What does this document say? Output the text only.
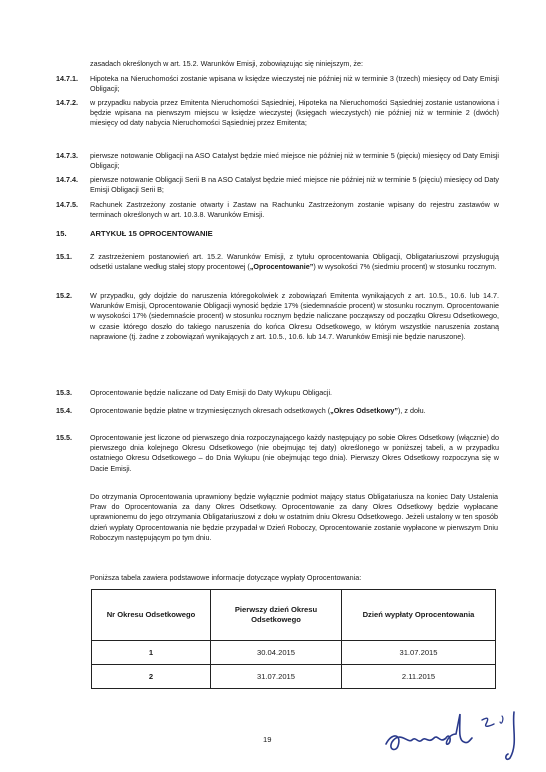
zasadach określonych w art. 15.2. Warunków Emisji, zobowiązując się niniejszym, że:
14.7.1.	Hipoteka na Nieruchomości zostanie wpisana w księdze wieczystej nie później niż w terminie 3 (trzech) miesięcy od Daty Emisji Obligacji;
14.7.2.	w przypadku nabycia przez Emitenta Nieruchomości Sąsiedniej, Hipoteka na Nieruchomości Sąsiedniej zostanie ustanowiona i będzie wpisana na pierwszym miejscu w księdze wieczystej (księgach wieczystych) nie później niż w terminie 2 (dwóch) miesięcy od daty nabycia Nieruchomości Sąsiedniej przez Emitenta;
14.7.3.	pierwsze notowanie Obligacji na ASO Catalyst będzie mieć miejsce nie później niż w terminie 5 (pięciu) miesięcy od Daty Emisji Obligacji;
14.7.4.	pierwsze notowanie Obligacji Serii B na ASO Catalyst będzie mieć miejsce nie później niż w terminie 5 (pięciu) miesięcy od Daty Emisji Obligacji Serii B;
14.7.5.	Rachunek Zastrzeżony zostanie otwarty i Zastaw na Rachunku Zastrzeżonym zostanie wpisany do rejestru zastawów w terminach określonych w art. 10.3.8. Warunków Emisji.
15.	ARTYKUŁ 15 OPROCENTOWANIE
15.1.	Z zastrzeżeniem postanowień art. 15.2. Warunków Emisji, z tytułu oprocentowania Obligacji, Obligatariuszowi przysługują odsetki ustalane według stałej stopy procentowej („Oprocentowanie”) w wysokości 7% (siedmiu procent) w stosunku rocznym.
15.2.	W przypadku, gdy dojdzie do naruszenia któregokolwiek z zobowiązań Emitenta wynikających z art. 10.5., 10.6. lub 14.7. Warunków Emisji, Oprocentowanie Obligacji wynosić będzie 17% (siedemnaście procent) w stosunku rocznym. Oprocentowanie w wysokości 17% (siedemnaście procent) w stosunku rocznym będzie naliczane począwszy od początku Okresu Odsetkowego, w czasie którego doszło do takiego naruszenia do końca Okresu Odsetkowego, w którym wszystkie naruszenia zostaną naprawione (tj. żadne z zobowiązań wynikających z art. 10.5., 10.6. lub 14.7. Warunków Emisji nie będzie naruszone).
15.3.	Oprocentowanie będzie naliczane od Daty Emisji do Daty Wykupu Obligacji.
15.4.	Oprocentowanie będzie płatne w trzymiesięcznych okresach odsetkowych („Okres Odsetkowy”), z dołu.
15.5.	Oprocentowanie jest liczone od pierwszego dnia rozpoczynającego każdy następujący po sobie Okres Odsetkowy (włącznie) do pierwszego dnia kolejnego Okresu Odsetkowego (nie obejmując tej daty) określonego w poniższej tabeli, a w przypadku ostatniego Okresu Odsetkowego – do Dnia Wykupu (nie obejmując tego dnia). Pierwszy Okres Odsetkowy rozpoczyna się w Dacie Emisji.
Do otrzymania Oprocentowania uprawniony będzie wyłącznie podmiot mający status Obligatariusza na koniec Daty Ustalenia Praw do Oprocentowania za dany Okres Odsetkowy. Oprocentowanie za dany Okres Odsetkowy będzie wypłacane uprawnionemu do jego otrzymania Obligatariuszowi z dołu w ostatnim dniu Okresu Odsetkowego. Jeżeli ustalony w ten sposób dzień wypłaty Oprocentowania nie będzie przypadał w Dzień Roboczy, Oprocentowanie zostanie wypłacone w pierwszym Dniu Roboczym następującym po tym dniu.
Poniższa tabela zawiera podstawowe informacje dotyczące wypłaty Oprocentowania:
Nr Okresu Odsetkowego	Pierwszy dzień Okresu Odsetkowego	Dzień wypłaty Oprocentowania
1	30.04.2015	31.07.2015
2	31.07.2015	2.11.2015
19
